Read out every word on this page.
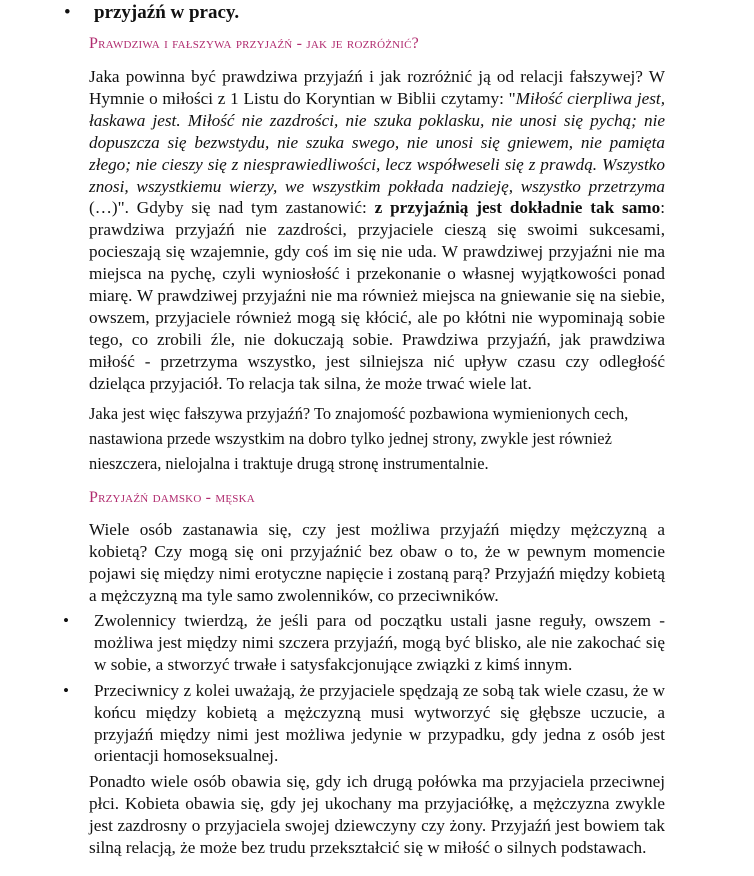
• przyjaźń w pracy.
Prawdziwa i fałszywa przyjaźń - jak je rozróżnić?
Jaka powinna być prawdziwa przyjaźń i jak rozróżnić ją od relacji fałszywej? W Hymnie o miłości z 1 Listu do Koryntian w Biblii czytamy: "Miłość cierpliwa jest, łaskawa jest. Miłość nie zazdrości, nie szuka poklasku, nie unosi się pychą; nie dopuszcza się bezwstydu, nie szuka swego, nie unosi się gniewem, nie pamięta złego; nie cieszy się z niesprawiedliwości, lecz współweseli się z prawdą. Wszystko znosi, wszystkiemu wierzy, we wszystkim pokłada nadzieję, wszystko przetrzyma (…)". Gdyby się nad tym zastanowić: z przyjaźnią jest dokładnie tak samo: prawdziwa przyjaźń nie zazdrości, przyjaciele cieszą się swoimi sukcesami, pocieszają się wzajemnie, gdy coś im się nie uda. W prawdziwej przyjaźni nie ma miejsca na pychę, czyli wyniosłość i przekonanie o własnej wyjątkowości ponad miarę. W prawdziwej przyjaźni nie ma również miejsca na gniewanie się na siebie, owszem, przyjaciele również mogą się kłócić, ale po kłótni nie wypominają sobie tego, co zrobili źle, nie dokuczają sobie. Prawdziwa przyjaźń, jak prawdziwa miłość - przetrzyma wszystko, jest silniejsza nić upływ czasu czy odległość dzieląca przyjaciół. To relacja tak silna, że może trwać wiele lat.
Jaka jest więc fałszywa przyjaźń? To znajomość pozbawiona wymienionych cech, nastawiona przede wszystkim na dobro tylko jednej strony, zwykle jest również nieszczera, nielojalna i traktuje drugą stronę instrumentalnie.
Przyjaźń damsko - męska
Wiele osób zastanawia się, czy jest możliwa przyjaźń między mężczyzną a kobietą? Czy mogą się oni przyjaźnić bez obaw o to, że w pewnym momencie pojawi się między nimi erotyczne napięcie i zostaną parą? Przyjaźń między kobietą a mężczyzną ma tyle samo zwolenników, co przeciwników.
• Zwolennicy twierdzą, że jeśli para od początku ustali jasne reguły, owszem - możliwa jest między nimi szczera przyjaźń, mogą być blisko, ale nie zakochać się w sobie, a stworzyć trwałe i satysfakcjonujące związki z kimś innym.
• Przeciwnicy z kolei uważają, że przyjaciele spędzają ze sobą tak wiele czasu, że w końcu między kobietą a mężczyzną musi wytworzyć się głębsze uczucie, a przyjaźń między nimi jest możliwa jedynie w przypadku, gdy jedna z osób jest orientacji homoseksualnej.
Ponadto wiele osób obawia się, gdy ich drugą połówka ma przyjaciela przeciwnej płci. Kobieta obawia się, gdy jej ukochany ma przyjaciółkę, a mężczyzna zwykle jest zazdrosny o przyjaciela swojej dziewczyny czy żony. Przyjaźń jest bowiem tak silną relacją, że może bez trudu przekształcić się w miłość o silnych podstawach.
